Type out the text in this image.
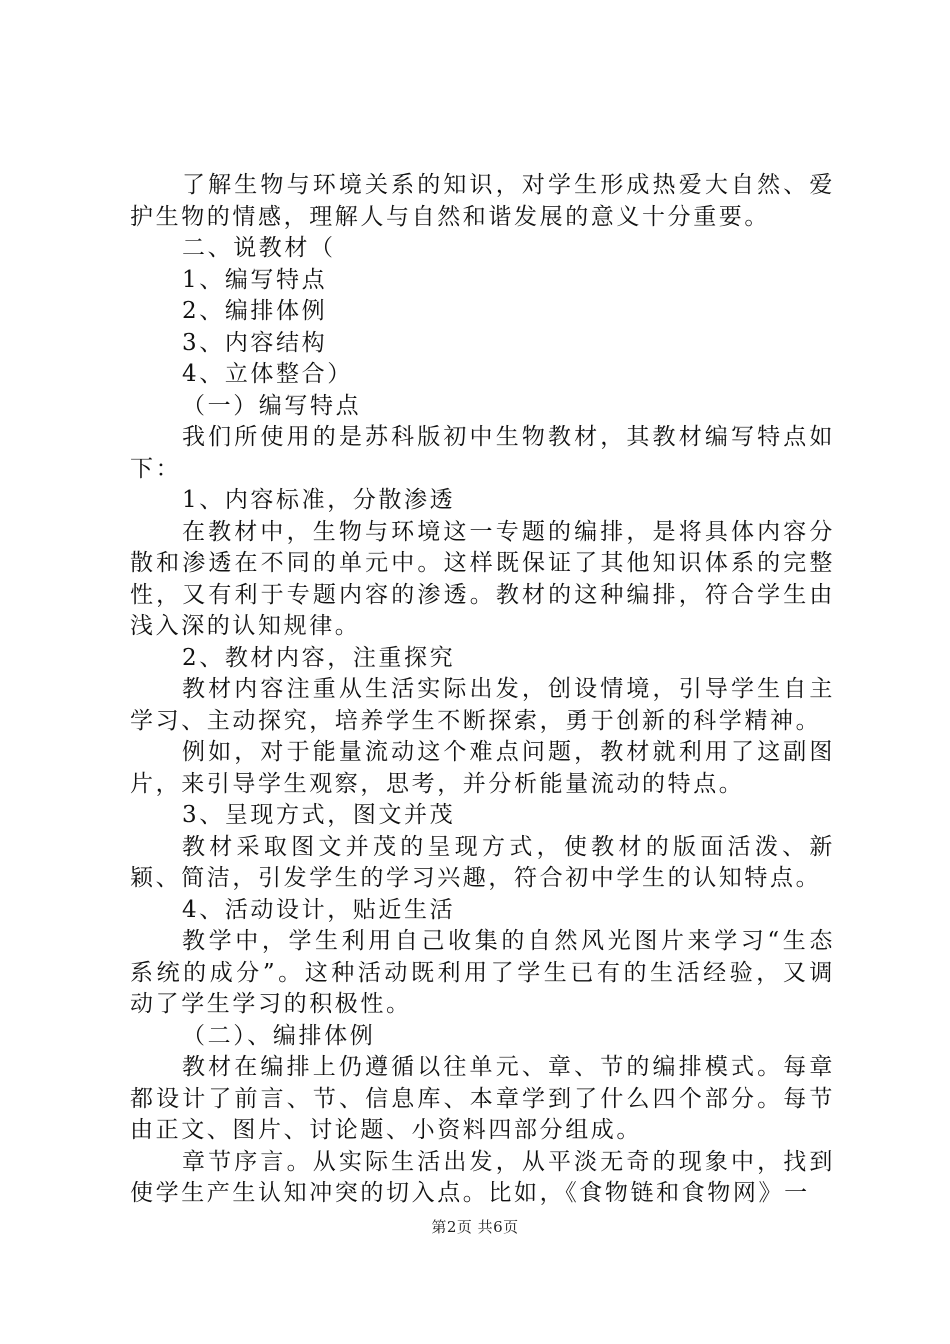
了解生物与环境关系的知识，对学生形成热爱大自然、爱护生物的情感，理解人与自然和谐发展的意义十分重要。

二、说教材（

1、编写特点

2、编排体例

3、内容结构

4、立体整合）

（一）编写特点

我们所使用的是苏科版初中生物教材，其教材编写特点如下：

1、内容标准，分散渗透

在教材中，生物与环境这一专题的编排，是将具体内容分散和渗透在不同的单元中。这样既保证了其他知识体系的完整性，又有利于专题内容的渗透。教材的这种编排，符合学生由浅入深的认知规律。

2、教材内容，注重探究

教材内容注重从生活实际出发，创设情境，引导学生自主学习、主动探究，培养学生不断探索，勇于创新的科学精神。

例如，对于能量流动这个难点问题，教材就利用了这副图片，来引导学生观察，思考，并分析能量流动的特点。

3、呈现方式，图文并茂

教材采取图文并茂的呈现方式，使教材的版面活泼、新颖、简洁，引发学生的学习兴趣，符合初中学生的认知特点。

4、活动设计，贴近生活

教学中，学生利用自己收集的自然风光图片来学习“生态系统的成分”。这种活动既利用了学生已有的生活经验，又调动了学生学习的积极性。

（二）、编排体例

教材在编排上仍遵循以往单元、章、节的编排模式。每章都设计了前言、节、信息库、本章学到了什么四个部分。每节由正文、图片、讨论题、小资料四部分组成。

章节序言。从实际生活出发，从平淡无奇的现象中，找到使学生产生认知冲突的切入点。比如，《食物链和食物网》一

第2页 共6页
